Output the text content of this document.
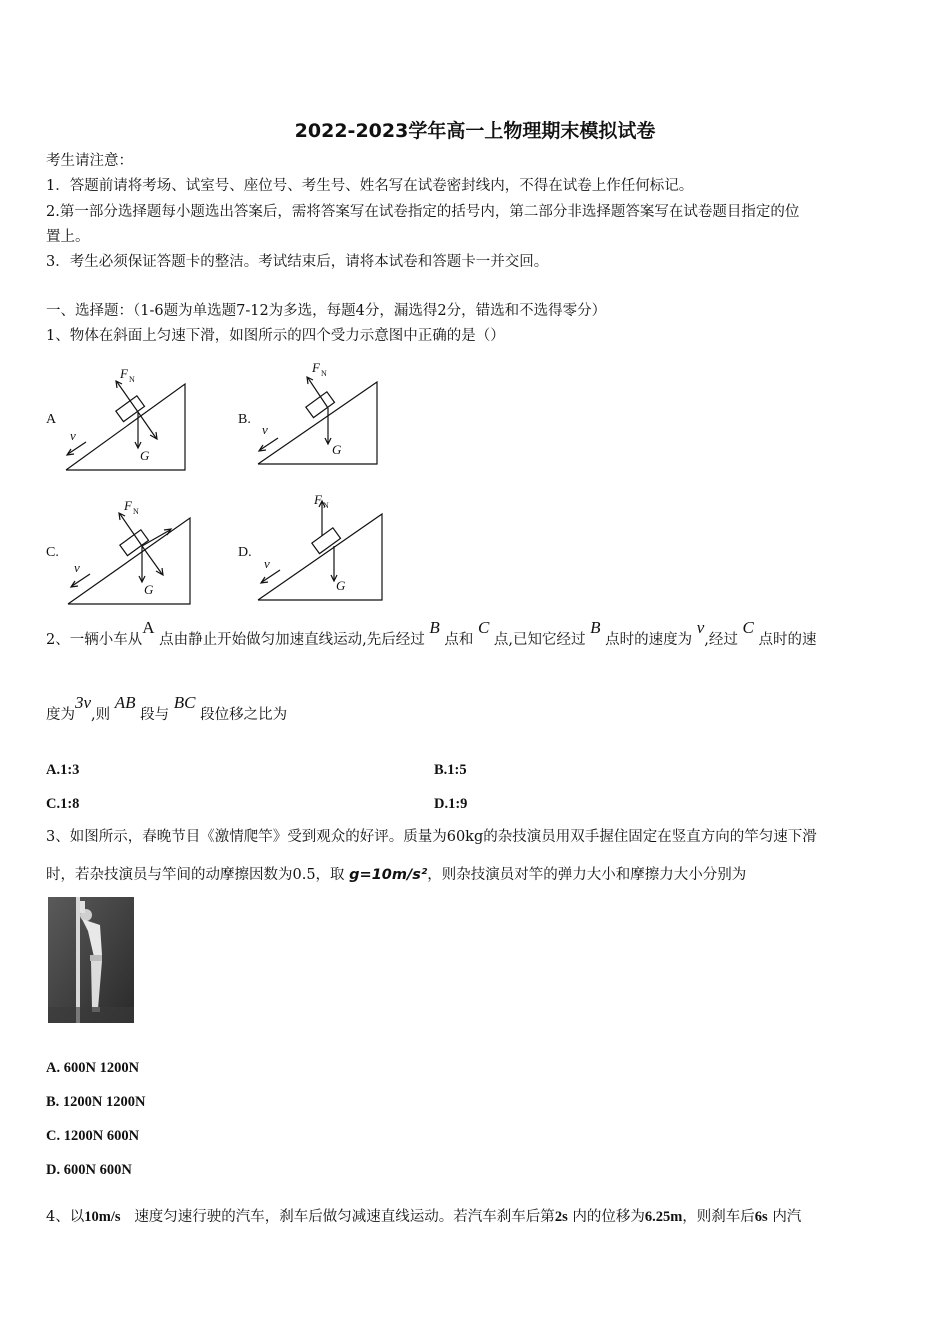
2022-2023学年高一上物理期末模拟试卷
考生请注意：
1．答题前请将考场、试室号、座位号、考生号、姓名写在试卷密封线内，不得在试卷上作任何标记。
2.第一部分选择题每小题选出答案后，需将答案写在试卷指定的括号内，第二部分非选择题答案写在试卷题目指定的位
置上。
3．考生必须保证答题卡的整洁。考试结束后，请将本试卷和答题卡一并交回。
一、选择题：（1-6题为单选题7-12为多选，每题4分，漏选得2分，错选和不选得零分）
1、物体在斜面上匀速下滑，如图所示的四个受力示意图中正确的是（）
A
F N
G
v
B.
F N
G
v
C.
F N
G
v
D.
F N
G
v
2、一辆小车从A 点由静止开始做匀加速直线运动,先后经过 B 点和 C 点,已知它经过 B 点时的速度为 v,经过 C 点时的速
度为3v,则 AB 段与 BC 段位移之比为
A.1:3	B.1:5
C.1:8	D.1:9
3、如图所示，春晚节目《激情爬竿》受到观众的好评。质量为60kg的杂技演员用双手握住固定在竖直方向的竿匀速下滑
时，若杂技演员与竿间的动摩擦因数为0.5，取 g=10m/s²，则杂技演员对竿的弹力大小和摩擦力大小分别为
A. 600N 1200N
B. 1200N 1200N
C. 1200N 600N
D. 600N 600N
4、以10m/s 速度匀速行驶的汽车，刹车后做匀减速直线运动。若汽车刹车后第2s 内的位移为6.25m，则刹车后6s 内汽
